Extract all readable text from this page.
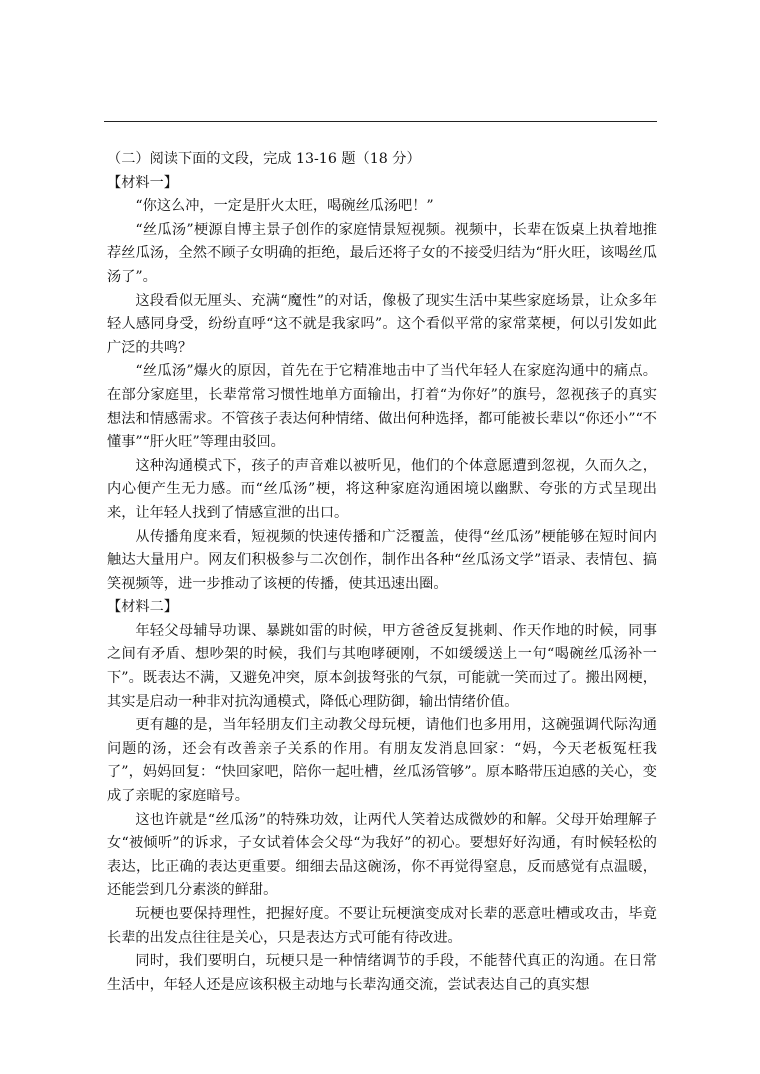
（二）阅读下面的文段，完成 13-16 题（18 分）

【材料一】

“你这么冲，一定是肝火太旺，喝碗丝瓜汤吧！”

“丝瓜汤”梗源自博主景子创作的家庭情景短视频。视频中，长辈在饭桌上执着地推荐丝瓜汤，全然不顾子女明确的拒绝，最后还将子女的不接受归结为“肝火旺，该喝丝瓜汤了”。

这段看似无厘头、充满“魔性”的对话，像极了现实生活中某些家庭场景，让众多年轻人感同身受，纷纷直呼“这不就是我家吗”。这个看似平常的家常菜梗，何以引发如此广泛的共鸣？

“丝瓜汤”爆火的原因，首先在于它精准地击中了当代年轻人在家庭沟通中的痛点。在部分家庭里，长辈常常习惯性地单方面输出，打着“为你好”的旗号，忽视孩子的真实想法和情感需求。不管孩子表达何种情绪、做出何种选择，都可能被长辈以“你还小”“不懂事”“肝火旺”等理由驳回。

这种沟通模式下，孩子的声音难以被听见，他们的个体意愿遭到忽视，久而久之，内心便产生无力感。而“丝瓜汤”梗，将这种家庭沟通困境以幽默、夸张的方式呈现出来，让年轻人找到了情感宣泄的出口。

从传播角度来看，短视频的快速传播和广泛覆盖，使得“丝瓜汤”梗能够在短时间内触达大量用户。网友们积极参与二次创作，制作出各种“丝瓜汤文学”语录、表情包、搞笑视频等，进一步推动了该梗的传播，使其迅速出圈。

【材料二】

年轻父母辅导功课、暴跳如雷的时候，甲方爸爸反复挑刺、作天作地的时候，同事之间有矛盾、想吵架的时候，我们与其咆哮硬刚，不如缓缓送上一句“喝碗丝瓜汤补一下”。既表达不满，又避免冲突，原本剑拔弩张的气氛，可能就一笑而过了。搬出网梗，其实是启动一种非对抗沟通模式，降低心理防御，输出情绪价值。

更有趣的是，当年轻朋友们主动教父母玩梗，请他们也多用用，这碗强调代际沟通问题的汤，还会有改善亲子关系的作用。有朋友发消息回家：“妈，今天老板冤枉我了”，妈妈回复：“快回家吧，陪你一起吐槽，丝瓜汤管够”。原本略带压迫感的关心，变成了亲昵的家庭暗号。

这也许就是“丝瓜汤”的特殊功效，让两代人笑着达成微妙的和解。父母开始理解子女“被倾听”的诉求，子女试着体会父母“为我好”的初心。要想好好沟通，有时候轻松的表达，比正确的表达更重要。细细去品这碗汤，你不再觉得窒息，反而感觉有点温暖，还能尝到几分素淡的鲜甜。

玩梗也要保持理性，把握好度。不要让玩梗演变成对长辈的恶意吐槽或攻击，毕竟长辈的出发点往往是关心，只是表达方式可能有待改进。

同时，我们要明白，玩梗只是一种情绪调节的手段，不能替代真正的沟通。在日常生活中，年轻人还是应该积极主动地与长辈沟通交流，尝试表达自己的真实想
